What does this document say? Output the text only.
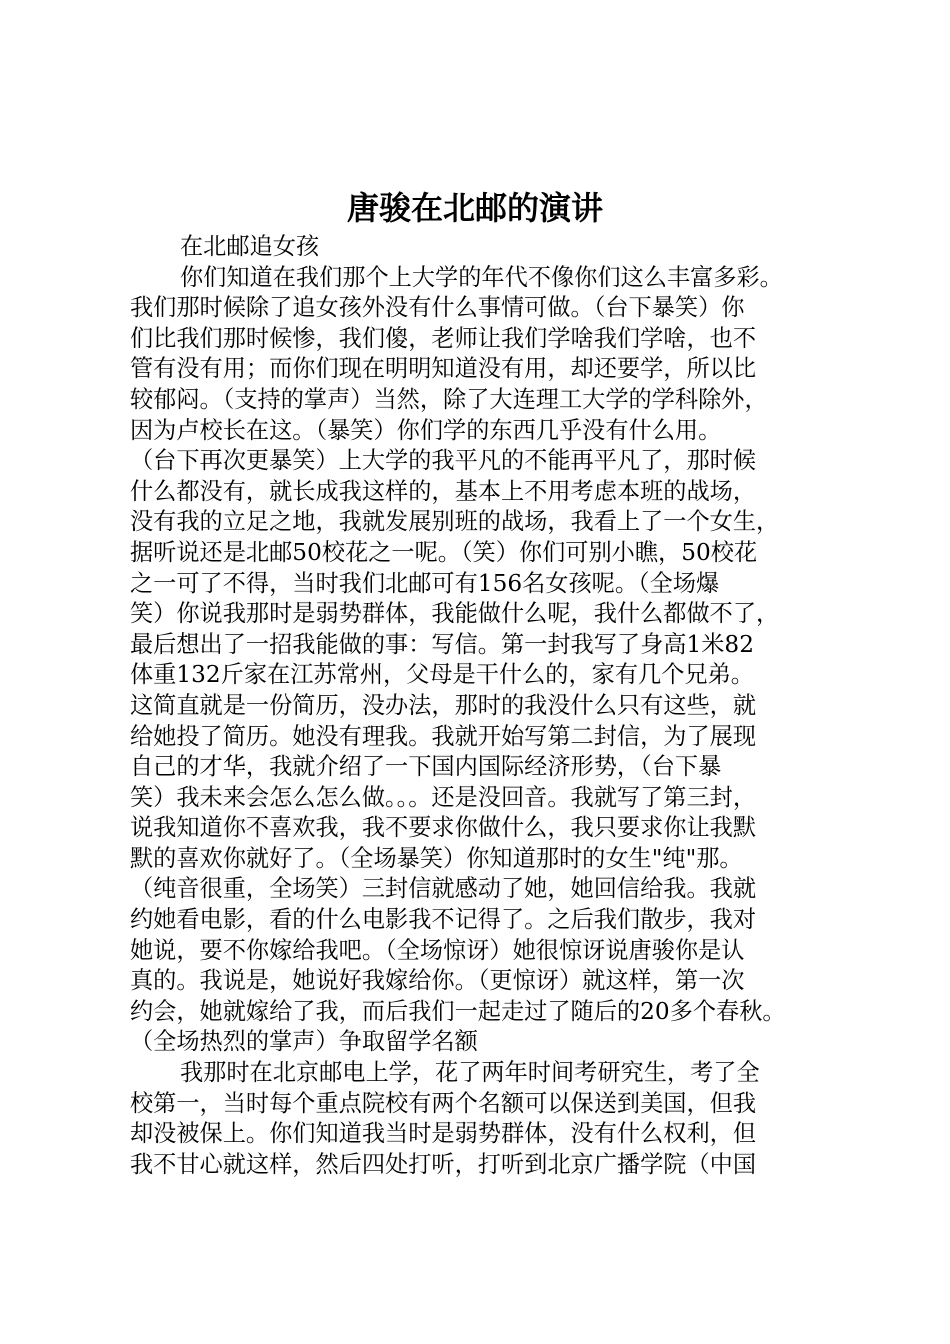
唐骏在北邮的演讲
在北邮追女孩
你们知道在我们那个上大学的年代不像你们这么丰富多彩。
我们那时候除了追女孩外没有什么事情可做。（台下暴笑）你
们比我们那时候惨，我们傻，老师让我们学啥我们学啥，也不
管有没有用；而你们现在明明知道没有用，却还要学，所以比
较郁闷。（支持的掌声）当然，除了大连理工大学的学科除外，
因为卢校长在这。（暴笑）你们学的东西几乎没有什么用。
（台下再次更暴笑）上大学的我平凡的不能再平凡了，那时候
什么都没有，就长成我这样的，基本上不用考虑本班的战场，
没有我的立足之地，我就发展别班的战场，我看上了一个女生，
据听说还是北邮50校花之一呢。（笑）你们可别小瞧，50校花
之一可了不得，当时我们北邮可有156名女孩呢。（全场爆
笑）你说我那时是弱势群体，我能做什么呢，我什么都做不了，
最后想出了一招我能做的事：写信。第一封我写了身高1米82
体重132斤家在江苏常州，父母是干什么的，家有几个兄弟。
这简直就是一份简历，没办法，那时的我没什么只有这些，就
给她投了简历。她没有理我。我就开始写第二封信，为了展现
自己的才华，我就介绍了一下国内国际经济形势，（台下暴
笑）我未来会怎么怎么做。。。还是没回音。我就写了第三封，
说我知道你不喜欢我，我不要求你做什么，我只要求你让我默
默的喜欢你就好了。（全场暴笑）你知道那时的女生"纯"那。
（纯音很重，全场笑）三封信就感动了她，她回信给我。我就
约她看电影，看的什么电影我不记得了。之后我们散步，我对
她说，要不你嫁给我吧。（全场惊讶）她很惊讶说唐骏你是认
真的。我说是，她说好我嫁给你。（更惊讶）就这样，第一次
约会，她就嫁给了我，而后我们一起走过了随后的20多个春秋。
（全场热烈的掌声）争取留学名额
我那时在北京邮电上学，花了两年时间考研究生，考了全
校第一，当时每个重点院校有两个名额可以保送到美国，但我
却没被保上。你们知道我当时是弱势群体，没有什么权利，但
我不甘心就这样，然后四处打听，打听到北京广播学院（中国
